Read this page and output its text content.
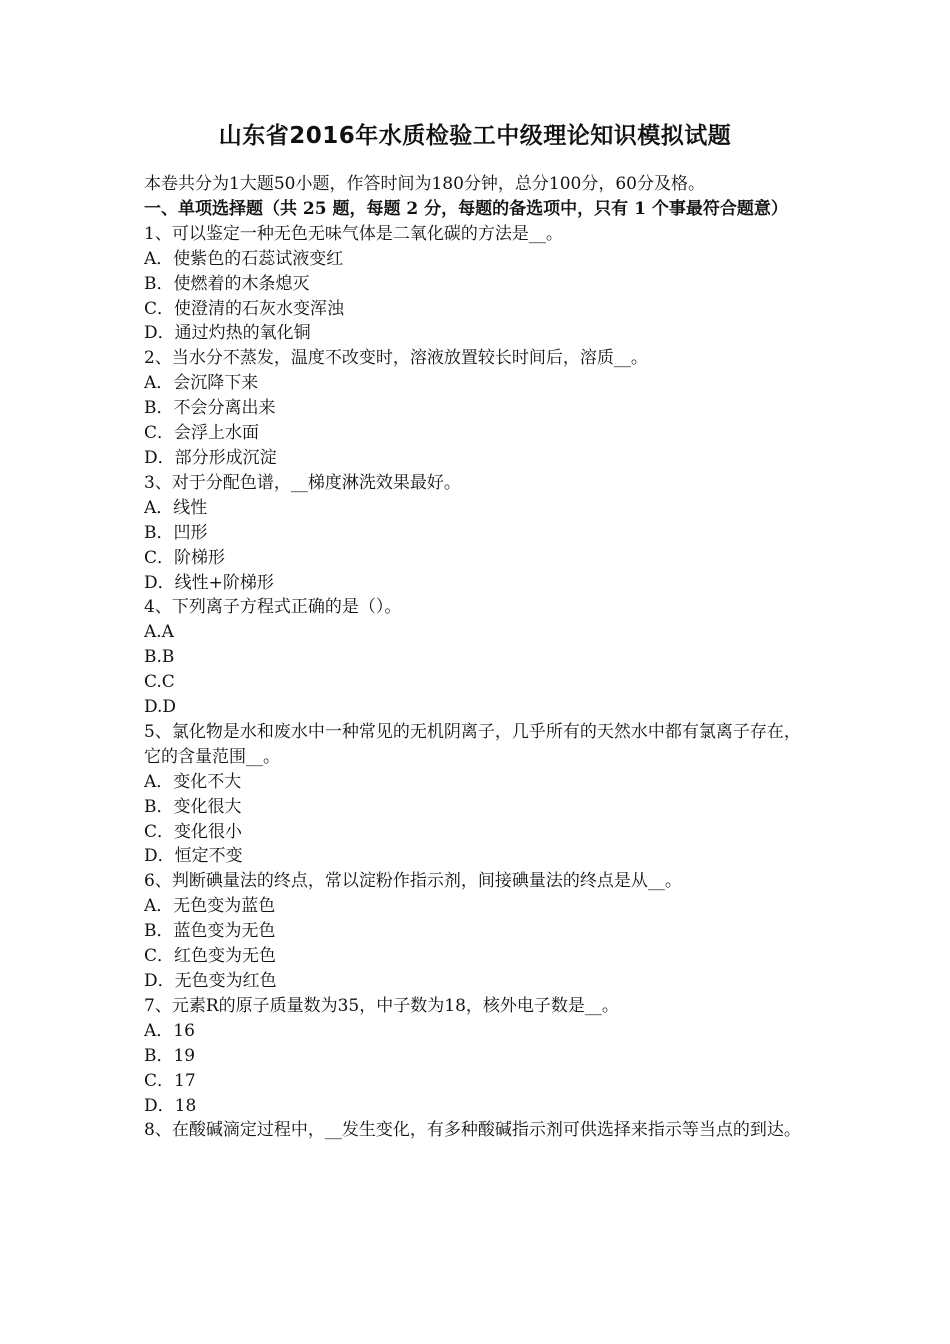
山东省2016年水质检验工中级理论知识模拟试题
本卷共分为1大题50小题，作答时间为180分钟，总分100分，60分及格。
一、单项选择题（共 25 题，每题 2 分，每题的备选项中，只有 1 个事最符合题意）
1、可以鉴定一种无色无味气体是二氧化碳的方法是__。
A．使紫色的石蕊试液变红
B．使燃着的木条熄灭
C．使澄清的石灰水变浑浊
D．通过灼热的氧化铜
2、当水分不蒸发，温度不改变时，溶液放置较长时间后，溶质__。
A．会沉降下来
B．不会分离出来
C．会浮上水面
D．部分形成沉淀
3、对于分配色谱，__梯度淋洗效果最好。
A．线性
B．凹形
C．阶梯形
D．线性+阶梯形
4、下列离子方程式正确的是（）。
A.A
B.B
C.C
D.D
5、氯化物是水和废水中一种常见的无机阴离子，几乎所有的天然水中都有氯离子存在，它的含量范围__。
A．变化不大
B．变化很大
C．变化很小
D．恒定不变
6、判断碘量法的终点，常以淀粉作指示剂，间接碘量法的终点是从__。
A．无色变为蓝色
B．蓝色变为无色
C．红色变为无色
D．无色变为红色
7、元素R的原子质量数为35，中子数为18，核外电子数是__。
A．16
B．19
C．17
D．18
8、在酸碱滴定过程中，__发生变化，有多种酸碱指示剂可供选择来指示等当点的到达。
